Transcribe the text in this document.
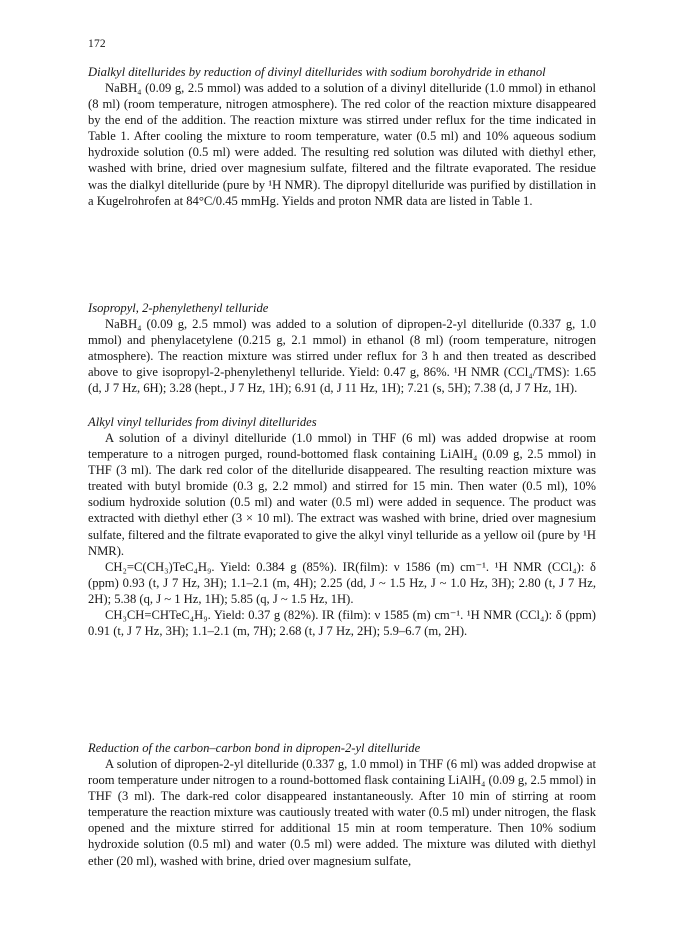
172

Dialkyl ditellurides by reduction of divinyl ditellurides with sodium borohydride in ethanol

NaBH₄ (0.09 g, 2.5 mmol) was added to a solution of a divinyl ditelluride (1.0 mmol) in ethanol (8 ml) (room temperature, nitrogen atmosphere). The red color of the reaction mixture disappeared by the end of the addition. The reaction mixture was stirred under reflux for the time indicated in Table 1. After cooling the mixture to room temperature, water (0.5 ml) and 10% aqueous sodium hydroxide solution (0.5 ml) were added. The resulting red solution was diluted with diethyl ether, washed with brine, dried over magnesium sulfate, filtered and the filtrate evaporated. The residue was the dialkyl ditelluride (pure by ¹H NMR). The dipropyl ditelluride was purified by distillation in a Kugelrohrofen at 84°C/0.45 mmHg. Yields and proton NMR data are listed in Table 1.

Isopropyl, 2-phenylethenyl telluride

NaBH₄ (0.09 g, 2.5 mmol) was added to a solution of dipropen-2-yl ditelluride (0.337 g, 1.0 mmol) and phenylacetylene (0.215 g, 2.1 mmol) in ethanol (8 ml) (room temperature, nitrogen atmosphere). The reaction mixture was stirred under reflux for 3 h and then treated as described above to give isopropyl-2-phenylethenyl telluride. Yield: 0.47 g, 86%. ¹H NMR (CCl₄/TMS): 1.65 (d, J 7 Hz, 6H); 3.28 (hept., J 7 Hz, 1H); 6.91 (d, J 11 Hz, 1H); 7.21 (s, 5H); 7.38 (d, J 7 Hz, 1H).

Alkyl vinyl tellurides from divinyl ditellurides

A solution of a divinyl ditelluride (1.0 mmol) in THF (6 ml) was added dropwise at room temperature to a nitrogen purged, round-bottomed flask containing LiAlH₄ (0.09 g, 2.5 mmol) in THF (3 ml). The dark red color of the ditelluride disappeared. The resulting reaction mixture was treated with butyl bromide (0.3 g, 2.2 mmol) and stirred for 15 min. Then water (0.5 ml), 10% sodium hydroxide solution (0.5 ml) and water (0.5 ml) were added in sequence. The product was extracted with diethyl ether (3 × 10 ml). The extract was washed with brine, dried over magnesium sulfate, filtered and the filtrate evaporated to give the alkyl vinyl telluride as a yellow oil (pure by ¹H NMR).

CH₂=C(CH₃)TeC₄H₉. Yield: 0.384 g (85%). IR(film): ν 1586 (m) cm⁻¹. ¹H NMR (CCl₄): δ (ppm) 0.93 (t, J 7 Hz, 3H); 1.1–2.1 (m, 4H); 2.25 (dd, J ~ 1.5 Hz, J ~ 1.0 Hz, 3H); 2.80 (t, J 7 Hz, 2H); 5.38 (q, J ~ 1 Hz, 1H); 5.85 (q, J ~ 1.5 Hz, 1H).

CH₃CH=CHTeC₄H₉. Yield: 0.37 g (82%). IR (film): ν 1585 (m) cm⁻¹. ¹H NMR (CCl₄): δ (ppm) 0.91 (t, J 7 Hz, 3H); 1.1–2.1 (m, 7H); 2.68 (t, J 7 Hz, 2H); 5.9–6.7 (m, 2H).

Reduction of the carbon–carbon bond in dipropen-2-yl ditelluride

A solution of dipropen-2-yl ditelluride (0.337 g, 1.0 mmol) in THF (6 ml) was added dropwise at room temperature under nitrogen to a round-bottomed flask containing LiAlH₄ (0.09 g, 2.5 mmol) in THF (3 ml). The dark-red color disappeared instantaneously. After 10 min of stirring at room temperature the reaction mixture was cautiously treated with water (0.5 ml) under nitrogen, the flask opened and the mixture stirred for additional 15 min at room temperature. Then 10% sodium hydroxide solution (0.5 ml) and water (0.5 ml) were added. The mixture was diluted with diethyl ether (20 ml), washed with brine, dried over magnesium sulfate,
